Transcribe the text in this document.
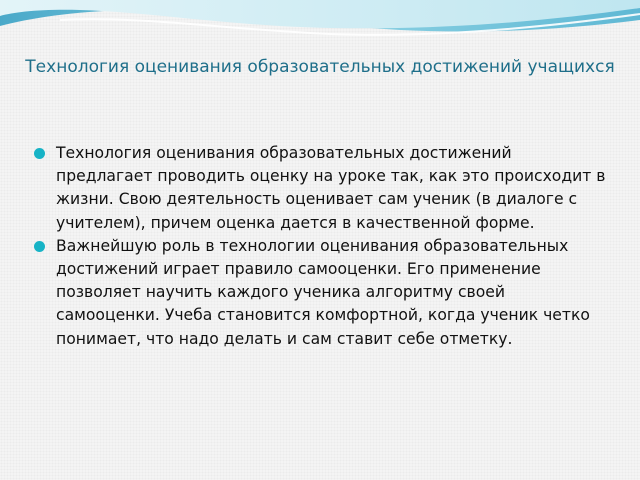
Технология оценивания образовательных достижений учащихся
Технология оценивания образовательных достижений предлагает проводить оценку на уроке так, как это происходит в жизни. Свою деятельность оценивает сам ученик (в диалоге с учителем), причем оценка дается в качественной форме.
Важнейшую роль в технологии оценивания образовательных достижений играет правило самооценки. Его применение позволяет научить каждого ученика алгоритму своей самооценки. Учеба становится комфортной, когда ученик четко понимает, что надо делать и сам ставит себе отметку.
